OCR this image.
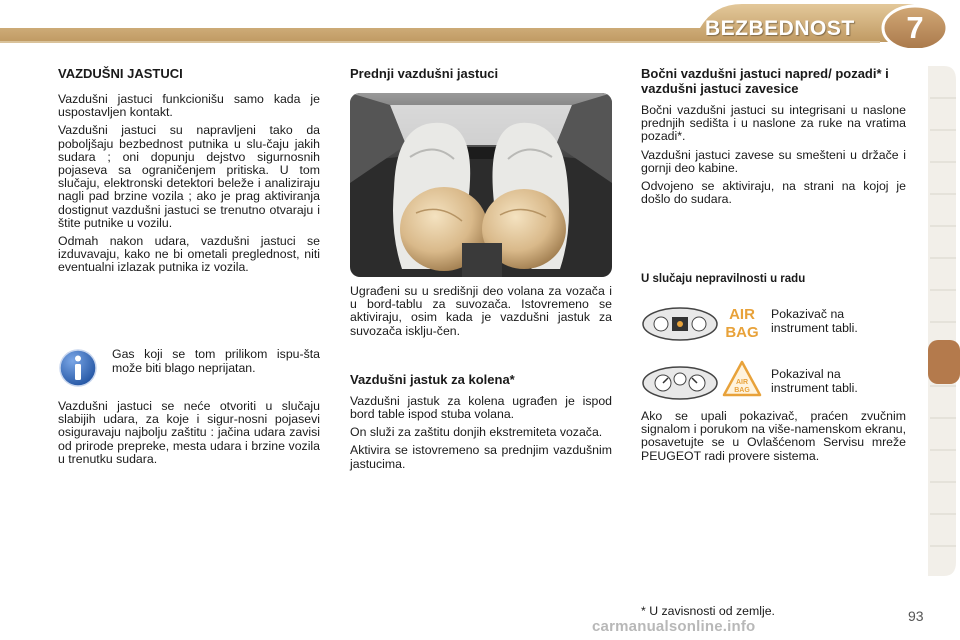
BEZBEDNOST	7
VAZDUŠNI JASTUCI

Vazdušni jastuci funkcionišu samo kada je uspostavljen kontakt.

Vazdušni jastuci su napravljeni tako da poboljšaju bezbednost putnika u slu-čaju jakih sudara ; oni dopunju dejstvo sigurnosnih pojaseva sa ograničenjem pritiska. U tom slučaju, elektronski detektori beleže i analiziraju nagli pad brzine vozila ; ako je prag aktiviranja dostignut vazdušni jastuci se trenutno otvaraju i štite putnike u vozilu.

Odmah nakon udara, vazdušni jastuci se izduvavaju, kako ne bi ometali preglednost, niti eventualni izlazak putnika iz vozila.

Gas koji se tom prilikom ispu-šta može biti blago neprijatan.

Vazdušni jastuci se neće otvoriti u slučaju slabijih udara, za koje i sigur-nosni pojasevi osiguravaju najbolju zaštitu : jačina udara zavisi od prirode prepreke, mesta udara i brzine vozila u trenutku sudara.

Prednji vazdušni jastuci

Ugrađeni su u središnji deo volana za vozača i u bord-tablu za suvozača. Istovremeno se aktiviraju, osim kada je vazdušni jastuk za suvozača isklju-čen.

Vazdušni jastuk za kolena*

Vazdušni jastuk za kolena ugrađen je ispod bord table ispod stuba volana.

On služi za zaštitu donjih ekstremiteta vozača.

Aktivira se istovremeno sa prednjim vazdušnim jastucima.

Bočni vazdušni jastuci napred/ pozadi* i vazdušni jastuci zavesice

Bočni vazdušni jastuci su integrisani u naslone prednjih sedišta i u naslone za ruke na vratima pozadi*.

Vazdušni jastuci zavese su smešteni u držače i gornji deo kabine.

Odvojeno se aktiviraju, na strani na kojoj je došlo do sudara.

U slučaju nepravilnosti u radu
AIR
BAG
Pokazivač na instrument tabli.
AIR
BAG
Pokazival na instrument tabli.

Ako se upali pokazivač, praćen zvučnim signalom i porukom na više-namenskom ekranu, posavetujte se u Ovlašćenom Servisu mreže PEUGEOT radi provere sistema.

* U zavisnosti od zemlje.	93
carmanualsonline.info
